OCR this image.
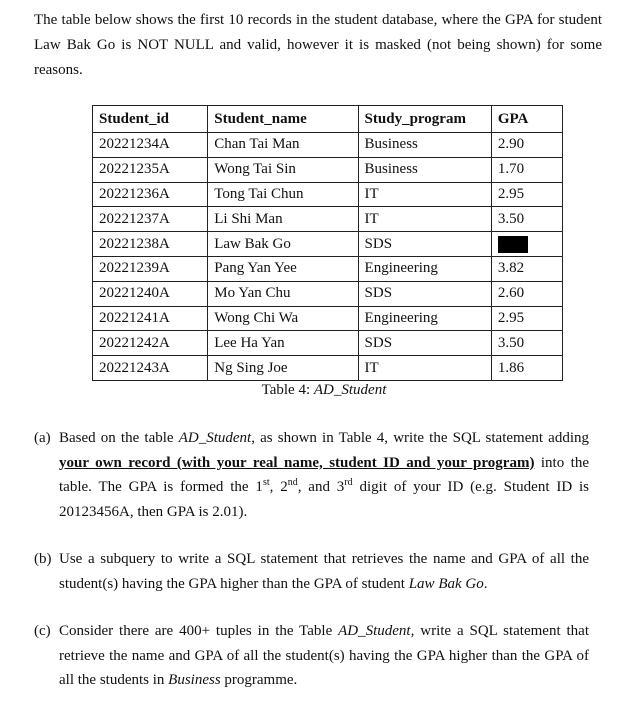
The table below shows the first 10 records in the student database, where the GPA for student Law Bak Go is NOT NULL and valid, however it is masked (not being shown) for some reasons.

Student_id	Student_name	Study_program	GPA
20221234A	Chan Tai Man	Business	2.90
20221235A	Wong Tai Sin	Business	1.70
20221236A	Tong Tai Chun	IT	2.95
20221237A	Li Shi Man	IT	3.50
20221238A	Law Bak Go	SDS	
20221239A	Pang Yan Yee	Engineering	3.82
20221240A	Mo Yan Chu	SDS	2.60
20221241A	Wong Chi Wa	Engineering	2.95
20221242A	Lee Ha Yan	SDS	3.50
20221243A	Ng Sing Joe	IT	1.86

Table 4: AD_Student

(a) Based on the table AD_Student, as shown in Table 4, write the SQL statement adding your own record (with your real name, student ID and your program) into the table. The GPA is formed the 1st, 2nd, and 3rd digit of your ID (e.g. Student ID is 20123456A, then GPA is 2.01).
(b) Use a subquery to write a SQL statement that retrieves the name and GPA of all the student(s) having the GPA higher than the GPA of student Law Bak Go.
(c) Consider there are 400+ tuples in the Table AD_Student, write a SQL statement that retrieve the name and GPA of all the student(s) having the GPA higher than the GPA of all the students in Business programme.
